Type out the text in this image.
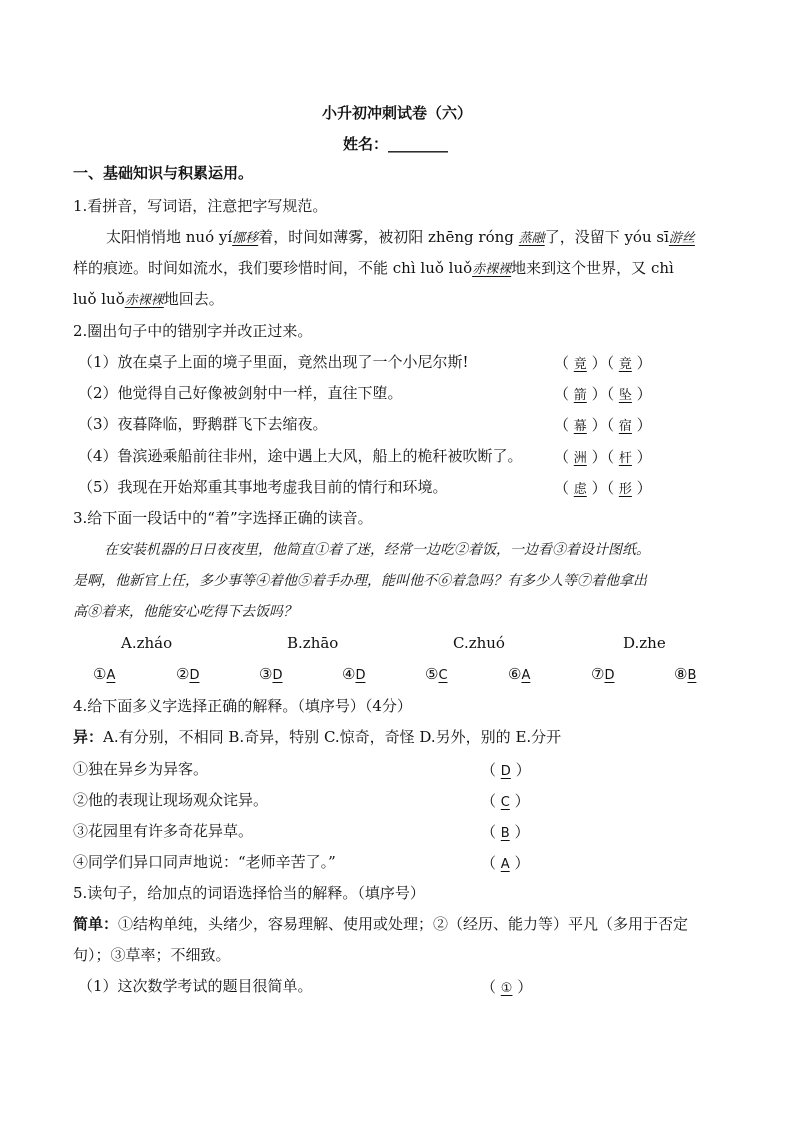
小升初冲刺试卷（六）
姓名：________
一、基础知识与积累运用。
1.看拼音，写词语，注意把字写规范。
太阳悄悄地 nuó yí挪移着，时间如薄雾，被初阳 zhēng róng 蒸融了，没留下 yóu sī游丝
样的痕迹。时间如流水，我们要珍惜时间，不能 chì luǒ luǒ赤裸裸地来到这个世界，又 chì
luǒ luǒ赤裸裸地回去。
2.圈出句子中的错别字并改正过来。
（1）放在桌子上面的境子里面，竟然出现了一个小尼尔斯!	（ 竟 ）（ 竟 ）
（2）他觉得自己好像被剑射中一样，直往下堕。	（ 箭 ）（ 坠 ）
（3）夜暮降临，野鹅群飞下去缩夜。	（ 幕 ）（ 宿 ）
（4）鲁滨逊乘船前往非州，途中遇上大风，船上的桅秆被吹断了。 （ 洲 ）（ 杆 ）
（5）我现在开始郑重其事地考虚我目前的情行和环境。	（ 虑 ）（ 形 ）
3.给下面一段话中的“着”字选择正确的读音。
在安装机器的日日夜夜里，他简直①着了迷，经常一边吃②着饭，一边看③着设计图纸。
是啊，他新官上任，多少事等④着他⑤着手办理，能叫他不⑥着急吗？有多少人等⑦着他拿出
高⑧着来，他能安心吃得下去饭吗？
A.zháo	B.zhāo	C.zhuó	D.zhe
①A	②D	③D	④D	⑤C	⑥A	⑦D	⑧B
4.给下面多义字选择正确的解释。（填序号）（4分）
异：A.有分别，不相同 B.奇异，特别 C.惊奇，奇怪 D.另外，别的 E.分开
①独在异乡为异客。	（ D ）
②他的表现让现场观众诧异。	（ C ）
③花园里有许多奇花异草。	（ B ）
④同学们异口同声地说：“老师辛苦了。”	（ A ）
5.读句子，给加点的词语选择恰当的解释。（填序号）
简单：①结构单纯，头绪少，容易理解、使用或处理；②（经历、能力等）平凡（多用于否定
句）；③草率；不细致。
（1）这次数学考试的题目很简单。	（ ① ）
